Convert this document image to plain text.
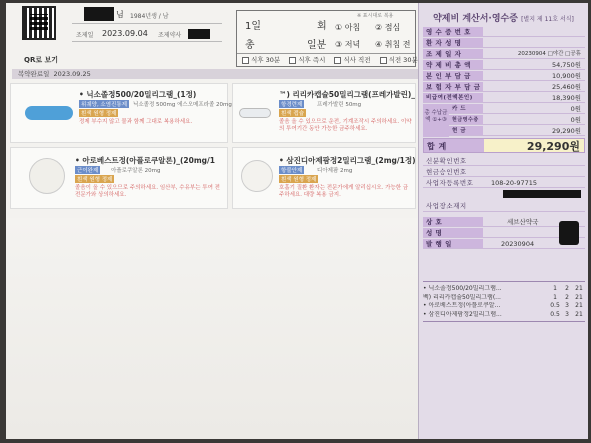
QR로 보기
님 1984년생 / 남
조제일 2023.09.04 조제약사
※ 표시대로 복용
1일	회
총	일분
① 아침 ② 점심
③ 저녁 ④ 취침 전
식후 30분	식후 즉시	식사 직전	식전 30분
복약완료일 2023.09.25
• 닉소졸정500/20밀리그램_(1정)
위궤양, 소염진통제	닉소졸정 500mg 에스오메프라졸 20mg
흰색 원형 정제
정제 부수지 않고 물과 함께 그대로 복용하세요.
™) 리리카캡슐50밀리그램(프레가발린)_
항경련제	프레가발린 50mg
흰색 캡슐
졸음 올 수 있으므로 운전, 기계조작시 주의하세요. 이약의 투여기간 동안 가능한 금주하세요.
• 아로베스트정(아플로쿠알론)_(20mg/1
근이완제	아플로쿠알론 20mg
흰색 원형 정제
졸음이 올 수 있으므로 주의하세요. 임산부, 수유부는 투여 전 전문가와 상의하세요.
• 삼진디아제팜정2밀리그램_(2mg/1정)
항불안제	디아제팜 2mg
흰색 원형 정제
호흡기 질환 환자는 전문가에게 알리십시오. 가능한 금주하세요. 대량 복용 금지.
약제비 계산서·영수증 [별지 제 11호 서식]
영 수 증 번 호
환 자 성 명
조 제 일 자	20230904 □야간 □공휴
약 제 비 총 액	54,750원
본 인 부 담 금	10,900원
보 험 자 부 담 금	25,460원
비급여(전액본인)	18,390원
총 수납금액 ①+③
카 드	0원
현금영수증	0원
현 금	29,290원
합 계	29,290원
신분확인번호
현금승인번호
사업자등록번호	108-20-97715
사업장소재지
상 호	세브산약국
성 명
발 행 일	20230904
• 닉소졸정500/20밀리그램...	1	2	21
벡) 리리카캡슐50밀리그램(...	1	2	21
• 아로베스트정(아플로쿠알...	0.5 3	21
• 삼진디아제팜정2밀리그램...	0.5 3	21
